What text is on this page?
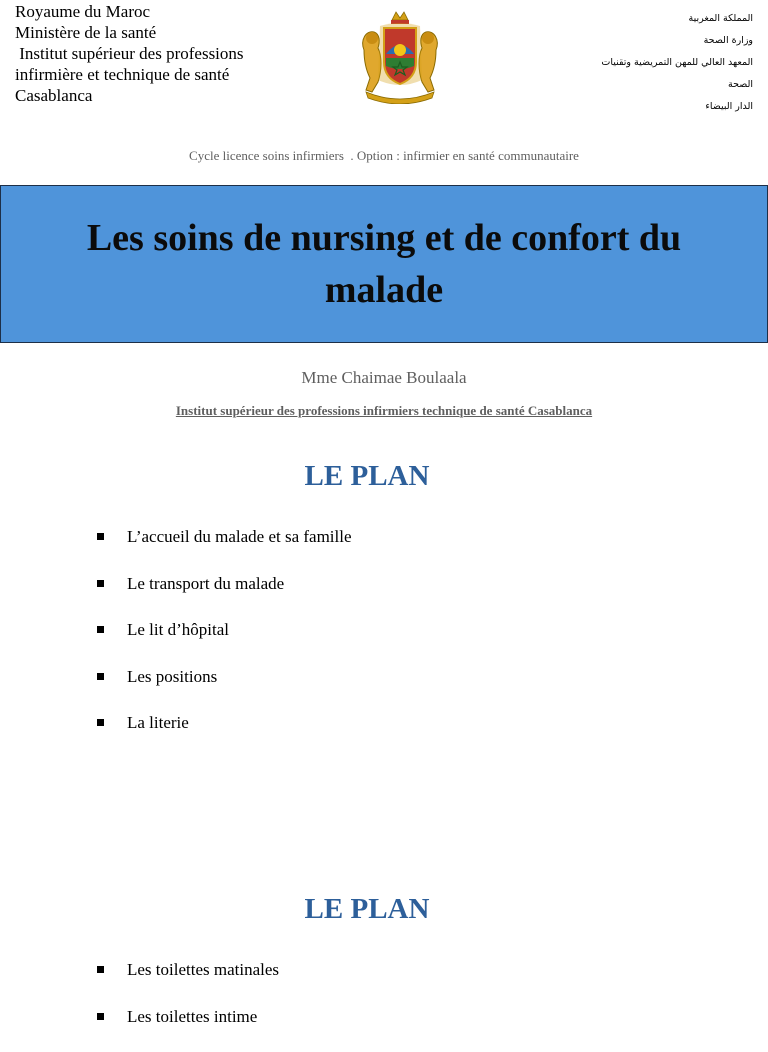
Royaume du Maroc
Ministère de la santé
Institut supérieur des professions
infirmière et technique de santé
Casablanca
المملكة المغربية
وزارة الصحة
المعهد العالي للمهن التمريضية وتقنيات
الصحة
الدار البيضاء
Cycle licence soins infirmiers  . Option : infirmier en santé communautaire
Les soins de nursing et de confort du malade
Mme Chaimae Boulaala
Institut supérieur des professions infirmiers technique de santé Casablanca
LE PLAN
L’accueil du malade et sa famille
Le transport du malade
Le lit d’hôpital
Les positions
La literie
LE PLAN
Les toilettes matinales
Les toilettes intime
